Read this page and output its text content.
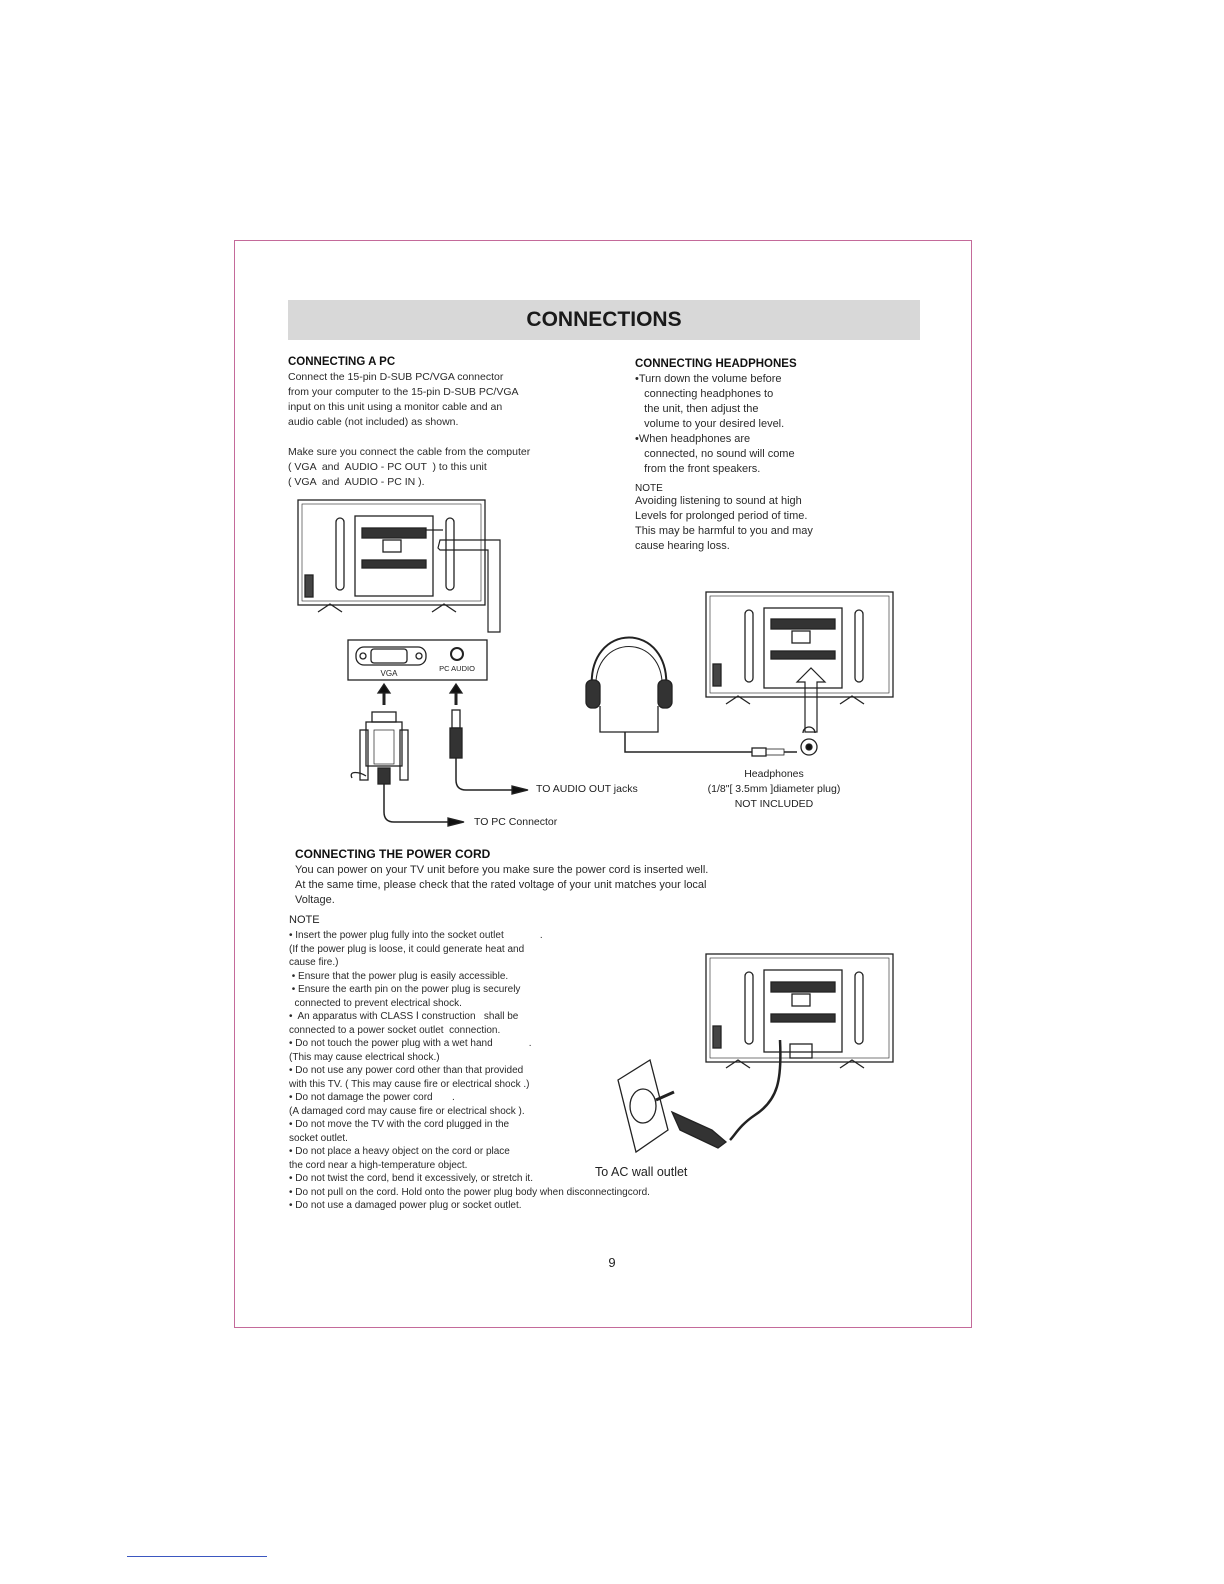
CONNECTIONS
CONNECTING A PC
Connect the 15-pin D-SUB PC/VGA connector
from your computer to the 15-pin D-SUB PC/VGA
input on this unit using a monitor cable and an
audio cable (not included) as shown.
Make sure you connect the cable from the computer
( VGA  and  AUDIO - PC OUT  ) to this unit
( VGA  and  AUDIO - PC IN ).
CONNECTING HEADPHONES
•Turn down the volume before
connecting headphones to
the unit, then adjust the
volume to your desired level.
•When headphones are
connected, no sound will come
from the front speakers.
NOTE
Avoiding listening to sound at high
Levels for prolonged period of time.
This may be harmful to you and may
cause hearing loss.
VGA
PC AUDIO
TO AUDIO OUT jacks
TO PC Connector
Headphones
(1/8"[ 3.5mm ]diameter plug)
NOT INCLUDED
CONNECTING THE POWER CORD
You can power on your TV unit before you make sure the power cord is inserted well.
At the same time, please check that the rated voltage of your unit matches your local
Voltage.
NOTE
• Insert the power plug fully into the socket outlet             .
(If the power plug is loose, it could generate heat and
cause fire.)
• Ensure that the power plug is easily accessible.
• Ensure the earth pin on the power plug is securely
connected to prevent electrical shock.
•  An apparatus with CLASS Ⅰ construction   shall be
connected to a power socket outlet  connection.
• Do not touch the power plug with a wet hand             .
(This may cause electrical shock.)
• Do not use any power cord other than that provided
with this TV. ( This may cause fire or electrical shock .)
• Do not damage the power cord       .
(A damaged cord may cause fire or electrical shock ).
• Do not move the TV with the cord plugged in the
socket outlet.
• Do not place a heavy object on the cord or place
the cord near a high-temperature object.
• Do not twist the cord, bend it excessively, or stretch it.
• Do not pull on the cord. Hold onto the power plug body when disconnectingcord.
• Do not use a damaged power plug or socket outlet.
To AC wall outlet
9
